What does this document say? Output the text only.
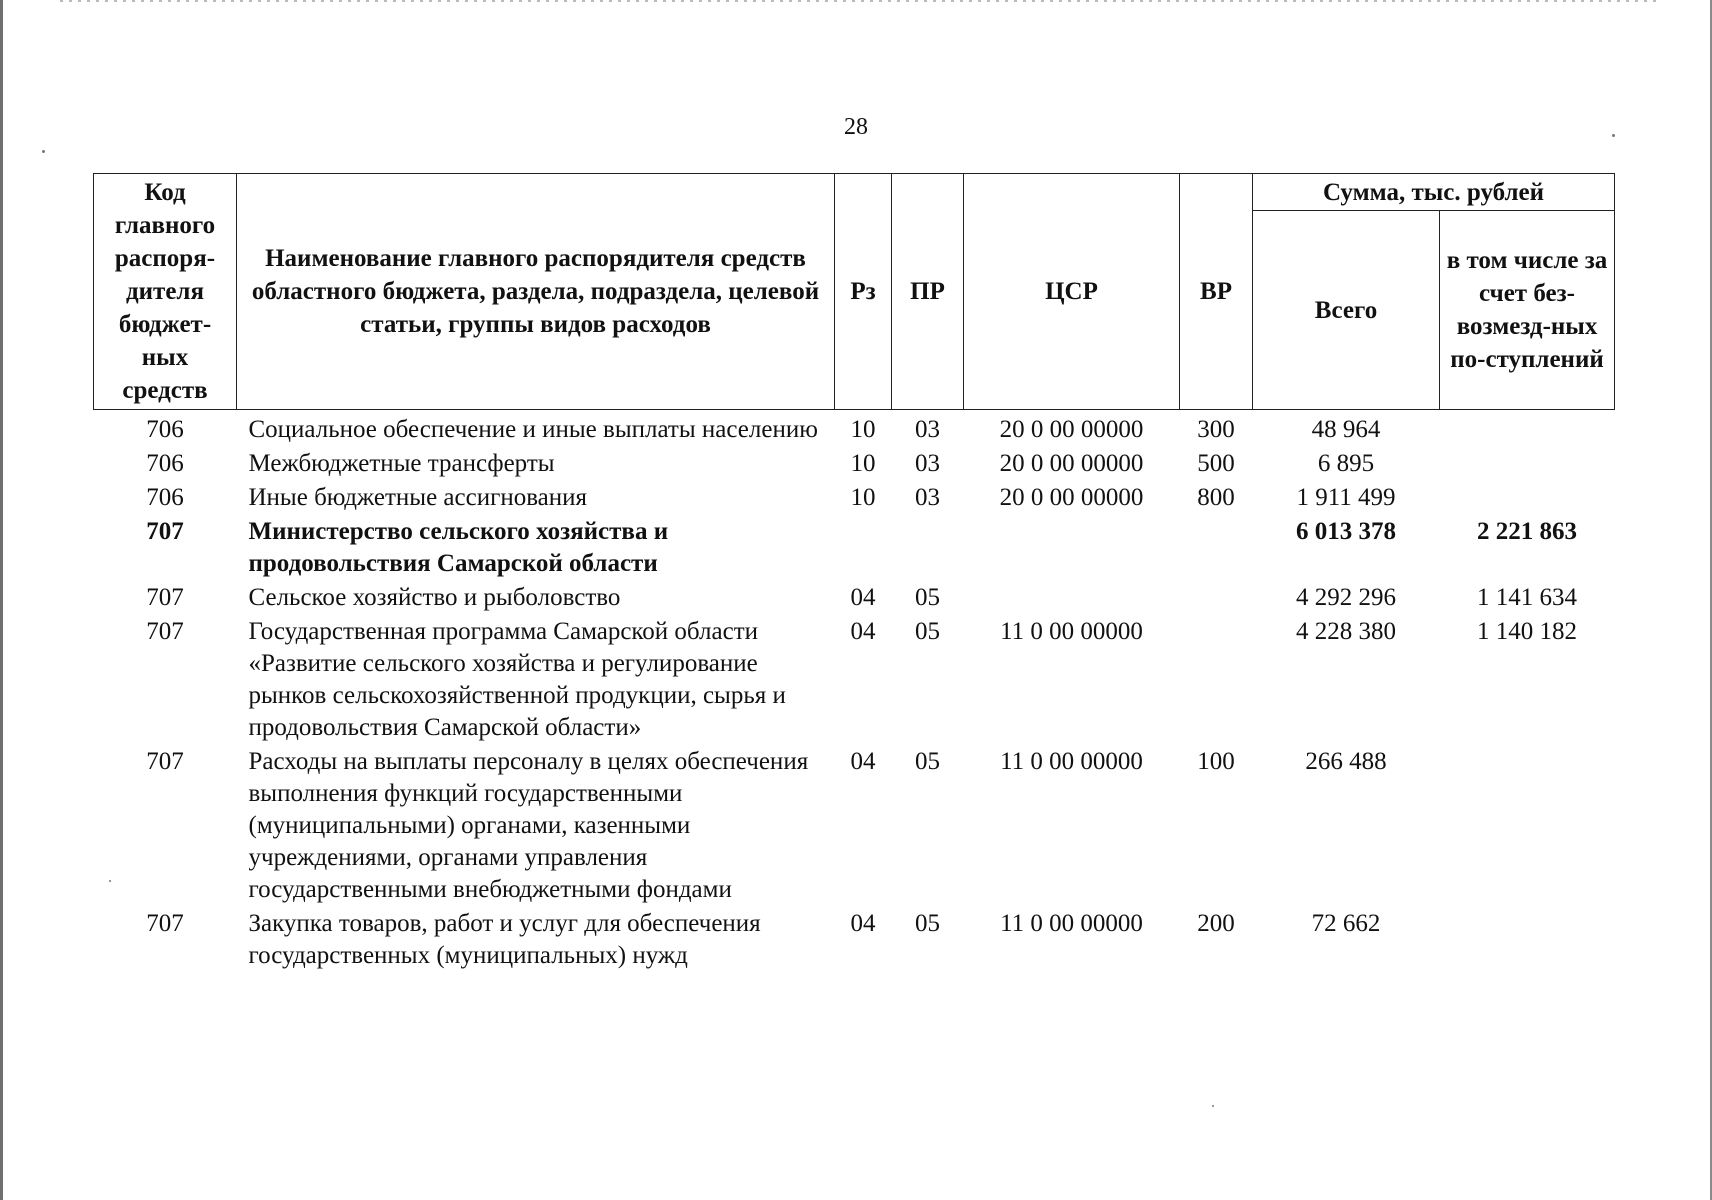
28
Код главного распоря-дителя бюджет-ных средств	Наименование главного распорядителя средств областного бюджета, раздела, подраздела, целевой статьи, группы видов расходов	Рз	ПР	ЦСР	ВР	Сумма, тыс. рублей	
						Всего	в том числе за счет без-возмезд-ных по-ступлений
706	Социальное обеспечение и иные выплаты населению	10	03	20 0 00 00000	300	48 964	
706	Межбюджетные трансферты	10	03	20 0 00 00000	500	6 895	
706	Иные бюджетные ассигнования	10	03	20 0 00 00000	800	1 911 499	
707	Министерство сельского хозяйства и продовольствия Самарской области					6 013 378	2 221 863
707	Сельское хозяйство и рыболовство	04	05			4 292 296	1 141 634
707	Государственная программа Самарской области «Развитие сельского хозяйства и регулирование рынков сельскохозяйственной продукции, сырья и продовольствия Самарской области»	04	05	11 0 00 00000		4 228 380	1 140 182
707	Расходы на выплаты персоналу в целях обеспечения выполнения функций государственными (муниципальными) органами, казенными учреждениями, органами управления государственными внебюджетными фондами	04	05	11 0 00 00000	100	266 488	
707	Закупка товаров, работ и услуг для обеспечения государственных (муниципальных) нужд	04	05	11 0 00 00000	200	72 662	
